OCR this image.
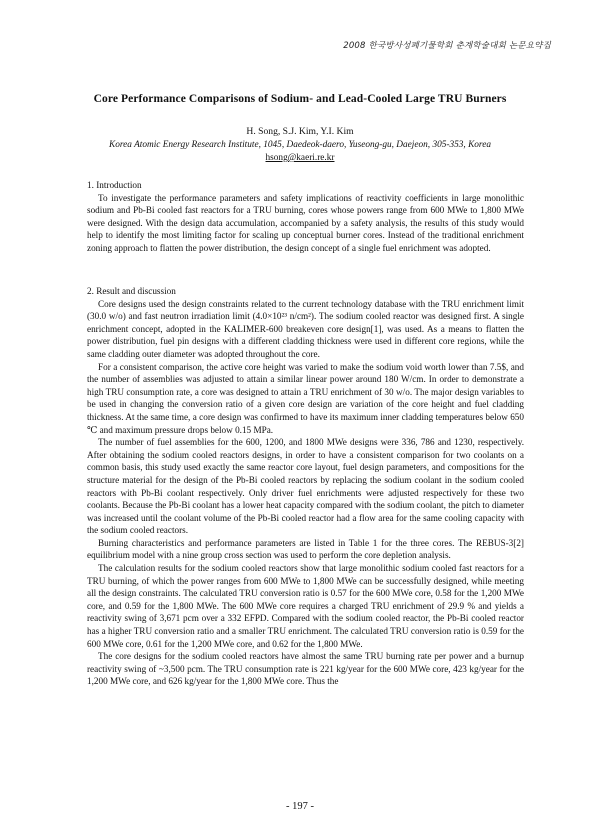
2008 한국방사성폐기물학회 춘계학술대회 논문요약집
Core Performance Comparisons of Sodium- and Lead-Cooled Large TRU Burners
H. Song, S.J. Kim, Y.I. Kim
Korea Atomic Energy Research Institute, 1045, Daedeok-daero, Yuseong-gu, Daejeon, 305-353, Korea
hsong@kaeri.re.kr

1. Introduction

To investigate the performance parameters and safety implications of reactivity coefficients in large monolithic sodium and Pb-Bi cooled fast reactors for a TRU burning, cores whose powers range from 600 MWe to 1,800 MWe were designed. With the design data accumulation, accompanied by a safety analysis, the results of this study would help to identify the most limiting factor for scaling up conceptual burner cores. Instead of the traditional enrichment zoning approach to flatten the power distribution, the design concept of a single fuel enrichment was adopted.

2. Result and discussion

Core designs used the design constraints related to the current technology database with the TRU enrichment limit (30.0 w/o) and fast neutron irradiation limit (4.0×10²³ n/cm²). The sodium cooled reactor was designed first. A single enrichment concept, adopted in the KALIMER-600 breakeven core design[1], was used. As a means to flatten the power distribution, fuel pin designs with a different cladding thickness were used in different core regions, while the same cladding outer diameter was adopted throughout the core.

For a consistent comparison, the active core height was varied to make the sodium void worth lower than 7.5$, and the number of assemblies was adjusted to attain a similar linear power around 180 W/cm. In order to demonstrate a high TRU consumption rate, a core was designed to attain a TRU enrichment of 30 w/o. The major design variables to be used in changing the conversion ratio of a given core design are variation of the core height and fuel cladding thickness. At the same time, a core design was confirmed to have its maximum inner cladding temperatures below 650 ℃ and maximum pressure drops below 0.15 MPa.

The number of fuel assemblies for the 600, 1200, and 1800 MWe designs were 336, 786 and 1230, respectively. After obtaining the sodium cooled reactors designs, in order to have a consistent comparison for two coolants on a common basis, this study used exactly the same reactor core layout, fuel design parameters, and compositions for the structure material for the design of the Pb-Bi cooled reactors by replacing the sodium coolant in the sodium cooled reactors with Pb-Bi coolant respectively. Only driver fuel enrichments were adjusted respectively for these two coolants. Because the Pb-Bi coolant has a lower heat capacity compared with the sodium coolant, the pitch to diameter was increased until the coolant volume of the Pb-Bi cooled reactor had a flow area for the same cooling capacity with the sodium cooled reactors.

Burning characteristics and performance parameters are listed in Table 1 for the three cores. The REBUS-3[2] equilibrium model with a nine group cross section was used to perform the core depletion analysis.

The calculation results for the sodium cooled reactors show that large monolithic sodium cooled fast reactors for a TRU burning, of which the power ranges from 600 MWe to 1,800 MWe can be successfully designed, while meeting all the design constraints. The calculated TRU conversion ratio is 0.57 for the 600 MWe core, 0.58 for the 1,200 MWe core, and 0.59 for the 1,800 MWe. The 600 MWe core requires a charged TRU enrichment of 29.9 % and yields a reactivity swing of 3,671 pcm over a 332 EFPD. Compared with the sodium cooled reactor, the Pb-Bi cooled reactor has a higher TRU conversion ratio and a smaller TRU enrichment. The calculated TRU conversion ratio is 0.59 for the 600 MWe core, 0.61 for the 1,200 MWe core, and 0.62 for the 1,800 MWe.

The core designs for the sodium cooled reactors have almost the same TRU burning rate per power and a burnup reactivity swing of ~3,500 pcm. The TRU consumption rate is 221 kg/year for the 600 MWe core, 423 kg/year for the 1,200 MWe core, and 626 kg/year for the 1,800 MWe core. Thus the

- 197 -
